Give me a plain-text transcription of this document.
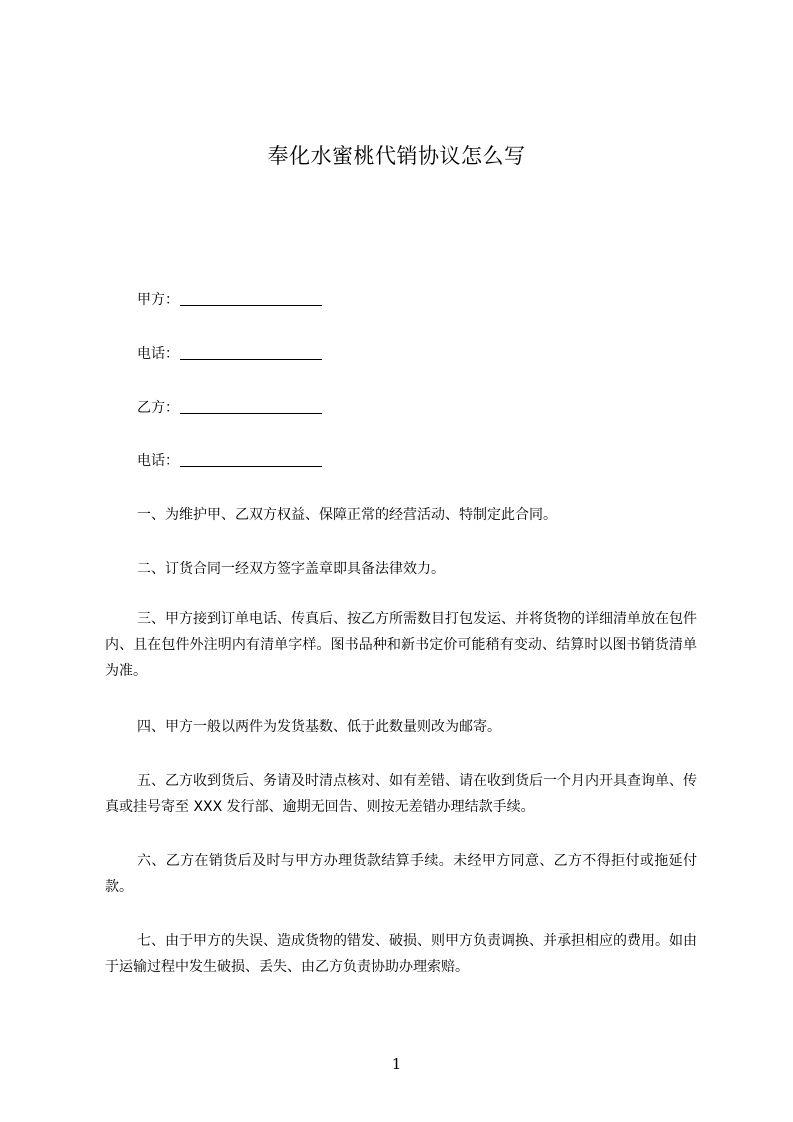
奉化水蜜桃代销协议怎么写
甲方：
电话：
乙方：
电话：

一、为维护甲、乙双方权益、保障正常的经营活动、特制定此合同。

二、订货合同一经双方签字盖章即具备法律效力。

三、甲方接到订单电话、传真后、按乙方所需数目打包发运、并将货物的详细清单放在包件内、且在包件外注明内有清单字样。图书品种和新书定价可能稍有变动、结算时以图书销货清单为准。

四、甲方一般以两件为发货基数、低于此数量则改为邮寄。

五、乙方收到货后、务请及时清点核对、如有差错、请在收到货后一个月内开具查询单、传真或挂号寄至 XXX 发行部、逾期无回告、则按无差错办理结款手续。

六、乙方在销货后及时与甲方办理货款结算手续。未经甲方同意、乙方不得拒付或拖延付款。

七、由于甲方的失误、造成货物的错发、破损、则甲方负责调换、并承担相应的费用。如由于运输过程中发生破损、丢失、由乙方负责协助办理索赔。

1
